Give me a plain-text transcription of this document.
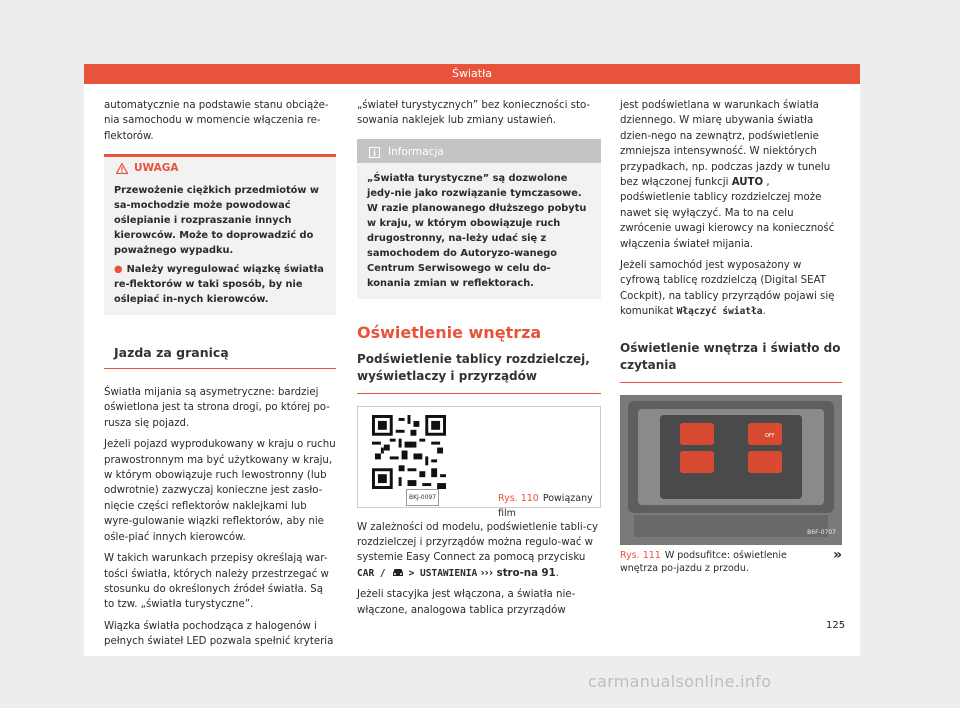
Światła

automatycznie na podstawie stanu obciąże-nia samochodu w momencie włączenia re-flektorów.

UWAGA
Przewożenie ciężkich przedmiotów w sa-mochodzie może powodować oślepianie i rozpraszanie innych kierowców. Może to doprowadzić do poważnego wypadku.
● Należy wyregulować wiązkę światła re-flektorów w taki sposób, by nie oślepiać in-nych kierowców.
Jazda za granicą

Światła mijania są asymetryczne: bardziej oświetlona jest ta strona drogi, po której po-rusza się pojazd.

Jeżeli pojazd wyprodukowany w kraju o ruchu prawostronnym ma być użytkowany w kraju, w którym obowiązuje ruch lewostronny (lub odwrotnie) zazwyczaj konieczne jest zasło-nięcie części reflektorów naklejkami lub wyre-gulowanie wiązki reflektorów, aby nie ośle-piać innych kierowców.

W takich warunkach przepisy określają war-tości światła, których należy przestrzegać w stosunku do określonych źródeł światła. Są to tzw. „światła turystyczne”.

Wiązka światła pochodząca z halogenów i pełnych świateł LED pozwala spełnić kryteria

„świateł turystycznych” bez konieczności sto-sowania naklejek lub zmiany ustawień.

Informacja
„Światła turystyczne” są dozwolone jedy-nie jako rozwiązanie tymczasowe. W razie planowanego dłuższego pobytu w kraju, w którym obowiązuje ruch drugostronny, na-leży udać się z samochodem do Autoryzo-wanego Centrum Serwisowego w celu do-konania zmian w reflektorach.
Oświetlenie wnętrza
Podświetlenie tablicy rozdzielczej, wyświetlaczy i przyrządów
BKJ-0097	Rys. 110 Powiązany film

W zależności od modelu, podświetlenie tabli-cy rozdzielczej i przyrządów można regulo-wać w systemie Easy Connect za pomocą przycisku CAR /  > USTAWIENIA ››› stro-na 91.

Jeżeli stacyjka jest włączona, a światła nie-włączone, analogowa tablica przyrządów

jest podświetlana w warunkach światła dziennego. W miarę ubywania światła dzien-nego na zewnątrz, podświetlenie zmniejsza intensywność. W niektórych przypadkach, np. podczas jazdy w tunelu bez włączonej funkcji AUTO , podświetlenie tablicy rozdzielczej może nawet się wyłączyć. Ma to na celu zwrócenie uwagi kierowcy na konieczność włączenia świateł mijania.

Jeżeli samochód jest wyposażony w cyfrową tablicę rozdzielczą (Digital SEAT Cockpit), na tablicy przyrządów pojawi się komunikat Włączyć światła.

Oświetlenie wnętrza i światło do czytania
OFF
B6F-0707
Rys. 111 W podsufitce: oświetlenie wnętrza po-jazdu z przodu.
»
125
carmanualsonline.info
